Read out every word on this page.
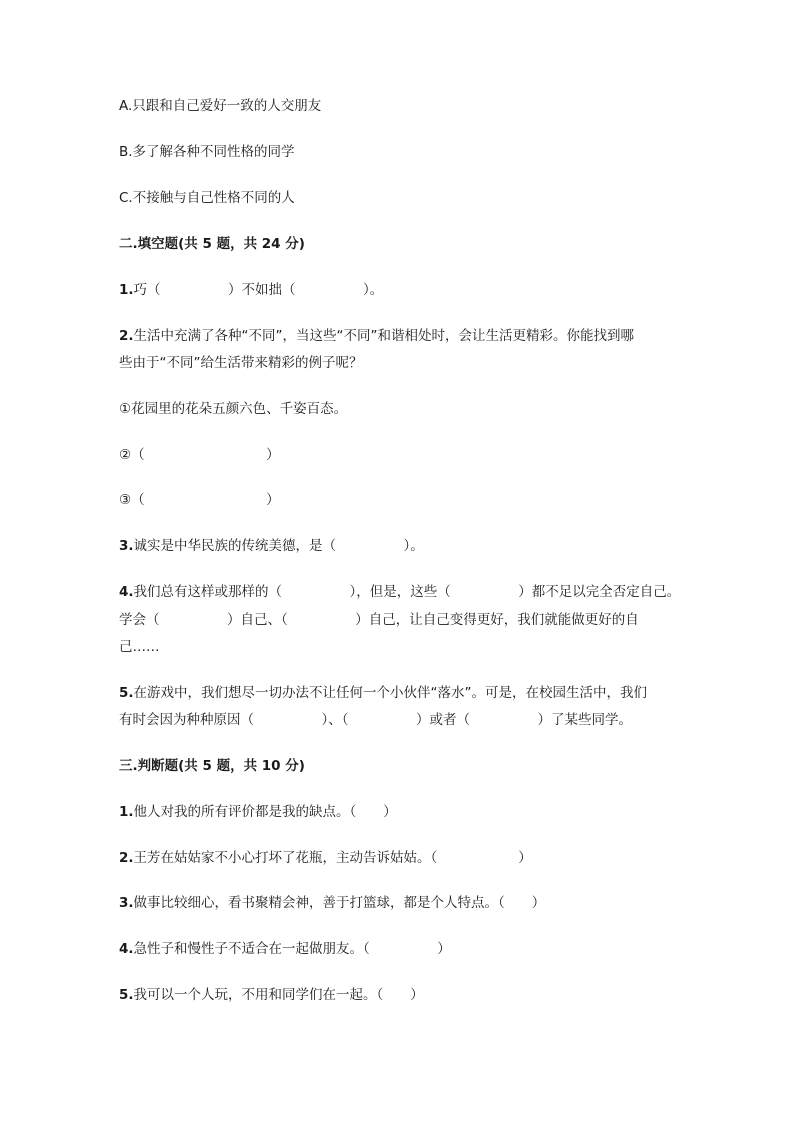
A.只跟和自己爱好一致的人交朋友
B.多了解各种不同性格的同学
C.不接触与自己性格不同的人
二.填空题(共 5 题，共 24 分)
1.巧（　　　　　）不如拙（　　　　　）。
2.生活中充满了各种“不同”，当这些“不同”和谐相处时，会让生活更精彩。你能找到哪
些由于“不同”给生活带来精彩的例子呢？
①花园里的花朵五颜六色、千姿百态。
②（　　　　　　　　　）
③（　　　　　　　　　）
3.诚实是中华民族的传统美德，是（　　　　　）。
4.我们总有这样或那样的（　　　　　），但是，这些（　　　　　）都不足以完全否定自己。
学会（　　　　　）自己、（　　　　　）自己，让自己变得更好，我们就能做更好的自
己……
5.在游戏中，我们想尽一切办法不让任何一个小伙伴“落水”。可是，在校园生活中，我们
有时会因为种种原因（　　　　　）、（　　　　　）或者（　　　　　）了某些同学。
三.判断题(共 5 题，共 10 分)
1.他人对我的所有评价都是我的缺点。（　　）
2.王芳在姑姑家不小心打坏了花瓶，主动告诉姑姑。（　　　　　　）
3.做事比较细心，看书聚精会神，善于打篮球，都是个人特点。（　　）
4.急性子和慢性子不适合在一起做朋友。（　　　　　）
5.我可以一个人玩，不用和同学们在一起。（　　）
